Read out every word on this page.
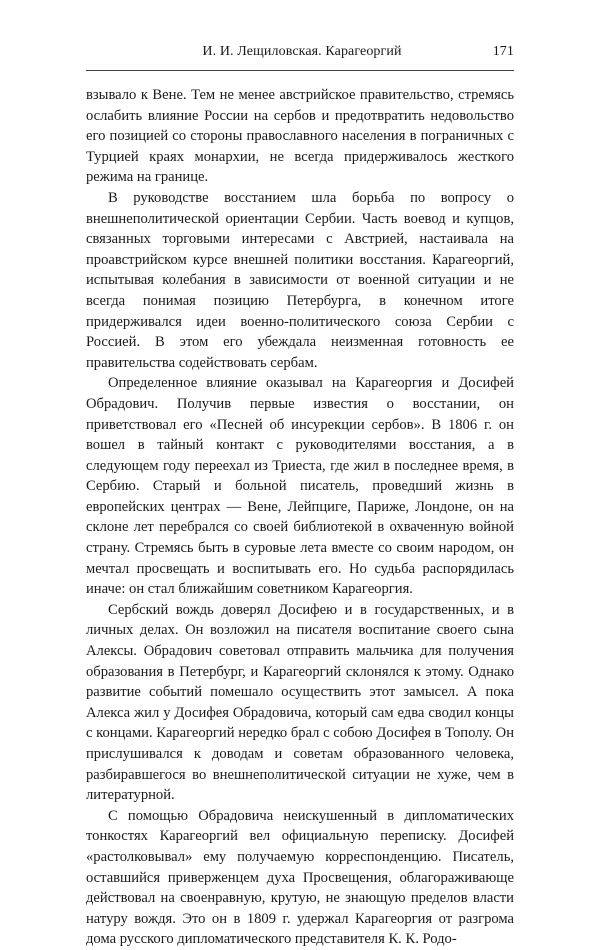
И. И. Лещиловская. Карагеоргий	171

взывало к Вене. Тем не менее австрийское правительство, стремясь ослабить влияние России на сербов и предотвратить недовольство его позицией со стороны православного населения в пограничных с Турцией краях монархии, не всегда придерживалось жесткого режима на границе.

В руководстве восстанием шла борьба по вопросу о внешнеполитической ориентации Сербии. Часть воевод и купцов, связанных торговыми интересами с Австрией, настаивала на проавстрийском курсе внешней политики восстания. Карагеоргий, испытывая колебания в зависимости от военной ситуации и не всегда понимая позицию Петербурга, в конечном итоге придерживался идеи военно-политического союза Сербии с Россией. В этом его убеждала неизменная готовность ее правительства содействовать сербам.

Определенное влияние оказывал на Карагеоргия и Досифей Обрадович. Получив первые известия о восстании, он приветствовал его «Песней об инсурекции сербов». В 1806 г. он вошел в тайный контакт с руководителями восстания, а в следующем году переехал из Триеста, где жил в последнее время, в Сербию. Старый и больной писатель, проведший жизнь в европейских центрах — Вене, Лейпциге, Париже, Лондоне, он на склоне лет перебрался со своей библиотекой в охваченную войной страну. Стремясь быть в суровые лета вместе со своим народом, он мечтал просвещать и воспитывать его. Но судьба распорядилась иначе: он стал ближайшим советником Карагеоргия.

Сербский вождь доверял Досифею и в государственных, и в личных делах. Он возложил на писателя воспитание своего сына Алексы. Обрадович советовал отправить мальчика для получения образования в Петербург, и Карагеоргий склонялся к этому. Однако развитие событий помешало осуществить этот замысел. А пока Алекса жил у Досифея Обрадовича, который сам едва сводил концы с концами. Карагеоргий нередко брал с собою Досифея в Тополу. Он прислушивался к доводам и советам образованного человека, разбиравшегося во внешнеполитической ситуации не хуже, чем в литературной.

С помощью Обрадовича неискушенный в дипломатических тонкостях Карагеоргий вел официальную переписку. Досифей «растолковывал» ему получаемую корреспонденцию. Писатель, оставшийся приверженцем духа Просвещения, облагораживающе действовал на своенравную, крутую, не знающую пределов власти натуру вождя. Это он в 1809 г. удержал Карагеоргия от разгрома дома русского дипломатического представителя К. К. Родо-
